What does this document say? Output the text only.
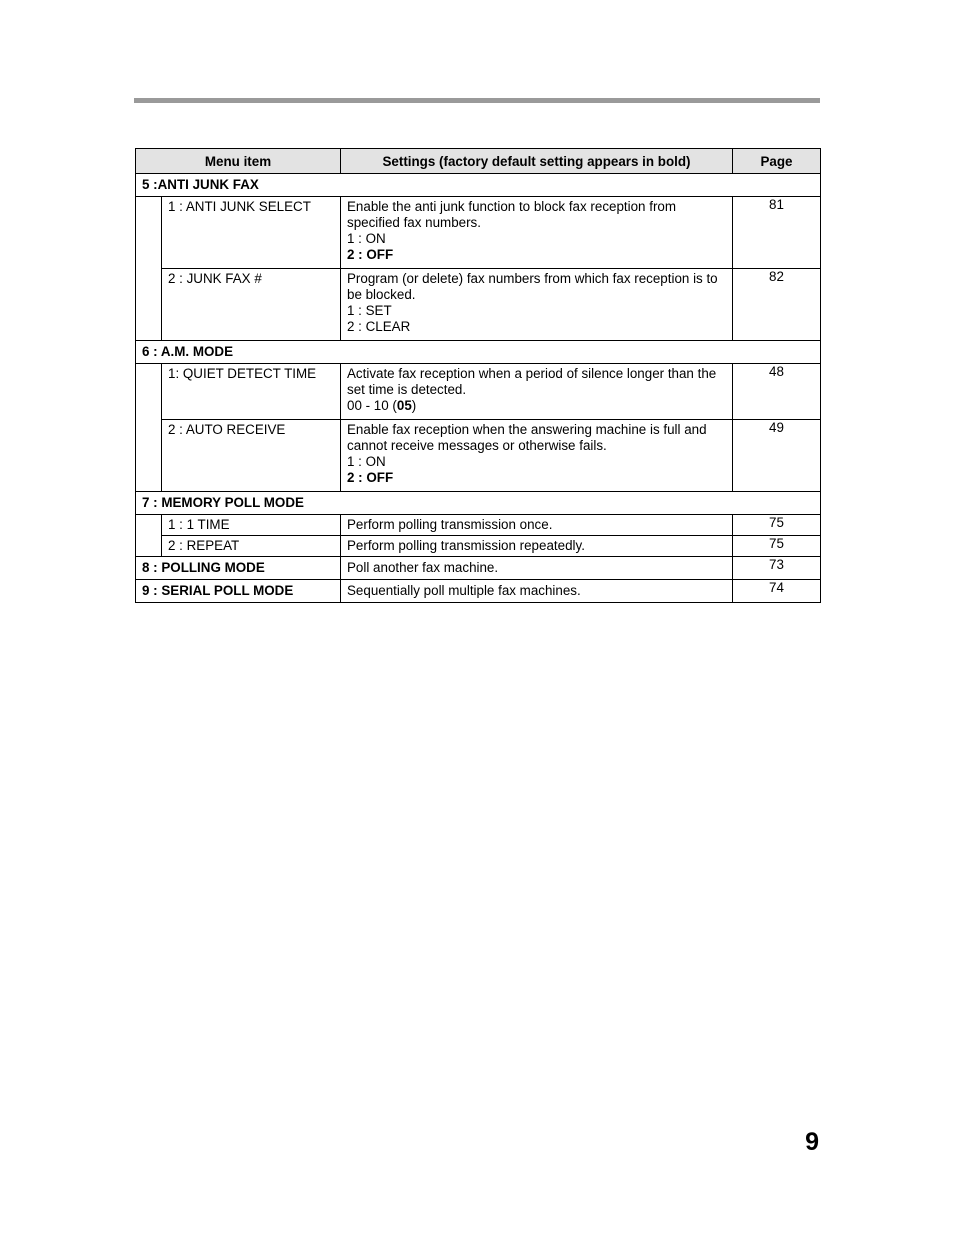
Menu item		Settings (factory default setting appears in bold)	Page
5 :ANTI JUNK FAX			
	1 : ANTI JUNK SELECT	Enable the anti junk function to block fax reception from specified fax numbers.
1 : ON
2 : OFF	81
	2 : JUNK FAX #	Program (or delete) fax numbers from which fax reception is to be blocked.
1 : SET
2 : CLEAR	82
6 : A.M. MODE			
	1: QUIET DETECT TIME	Activate fax reception when a period of silence longer than the set time is detected.
00 - 10 (05)	48
	2 : AUTO RECEIVE	Enable fax reception when the answering machine is full and cannot receive messages or otherwise fails.
1 : ON
2 : OFF	49
7 : MEMORY POLL MODE			
	1 : 1 TIME	Perform polling transmission once.	75
	2 : REPEAT	Perform polling transmission repeatedly.	75
8 : POLLING MODE		Poll another fax machine.	73
9 : SERIAL POLL MODE		Sequentially poll multiple fax machines.	74
9
